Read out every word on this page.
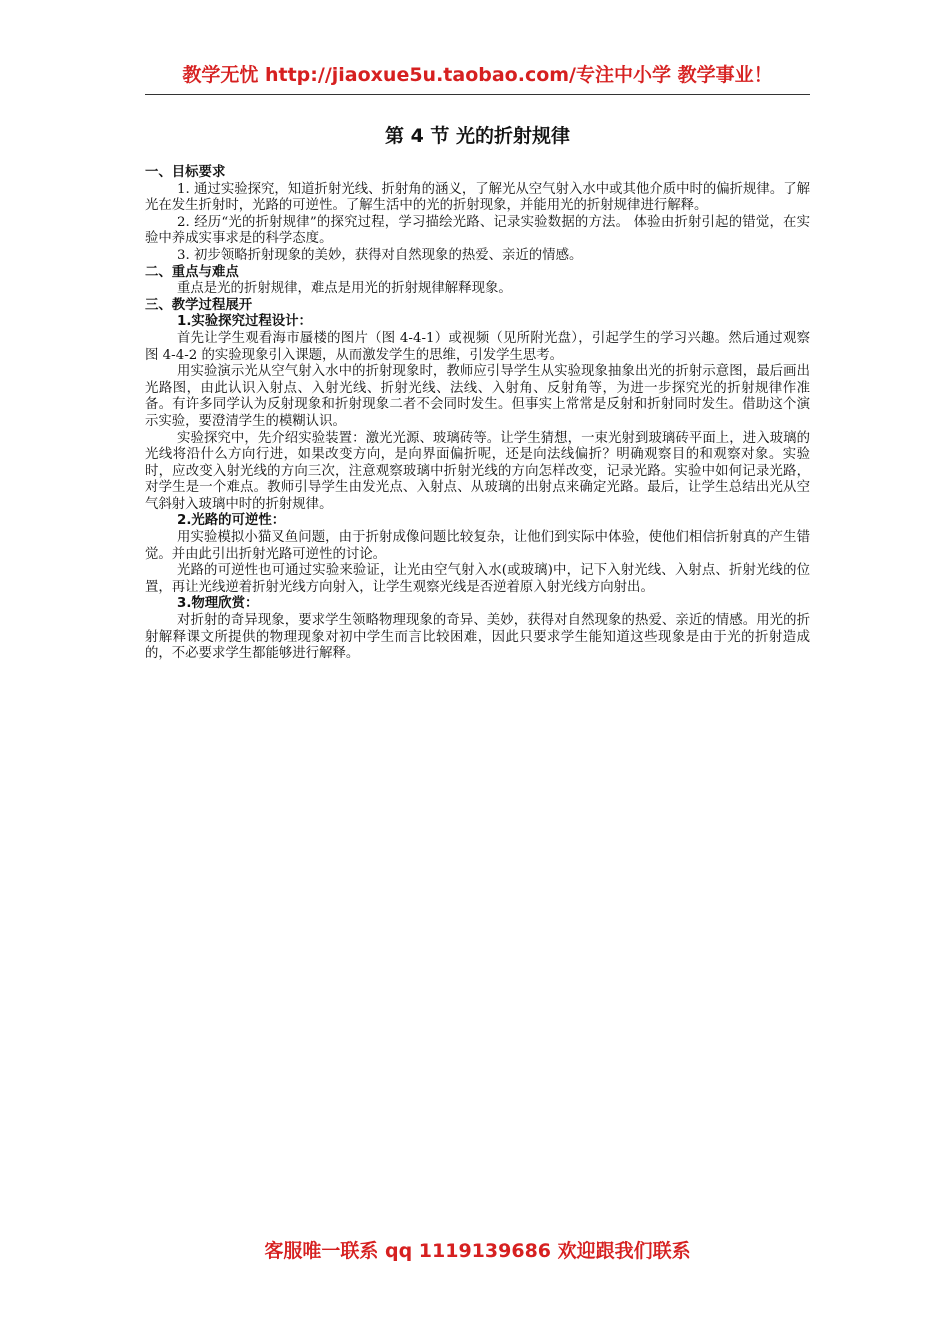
教学无忧 http://jiaoxue5u.taobao.com/专注中小学 教学事业！
第 4 节 光的折射规律
一、目标要求

1. 通过实验探究，知道折射光线、折射角的涵义，了解光从空气射入水中或其他介质中时的偏折规律。了解光在发生折射时，光路的可逆性。了解生活中的光的折射现象，并能用光的折射规律进行解释。

2. 经历“光的折射规律”的探究过程，学习描绘光路、记录实验数据的方法。 体验由折射引起的错觉，在实验中养成实事求是的科学态度。

3. 初步领略折射现象的美妙，获得对自然现象的热爱、亲近的情感。

二、重点与难点

重点是光的折射规律，难点是用光的折射规律解释现象。

三、教学过程展开
1.实验探究过程设计：

首先让学生观看海市蜃楼的图片（图 4-4-1）或视频（见所附光盘），引起学生的学习兴趣。然后通过观察图 4-4-2 的实验现象引入课题，从而激发学生的思维，引发学生思考。

用实验演示光从空气射入水中的折射现象时，教师应引导学生从实验现象抽象出光的折射示意图，最后画出光路图，由此认识入射点、入射光线、折射光线、法线、入射角、反射角等，为进一步探究光的折射规律作准备。有许多同学认为反射现象和折射现象二者不会同时发生。但事实上常常是反射和折射同时发生。借助这个演示实验，要澄清学生的模糊认识。

实验探究中，先介绍实验装置：激光光源、玻璃砖等。让学生猜想，一束光射到玻璃砖平面上，进入玻璃的光线将沿什么方向行进，如果改变方向，是向界面偏折呢，还是向法线偏折？明确观察目的和观察对象。实验时，应改变入射光线的方向三次，注意观察玻璃中折射光线的方向怎样改变，记录光路。实验中如何记录光路，对学生是一个难点。教师引导学生由发光点、入射点、从玻璃的出射点来确定光路。最后，让学生总结出光从空气斜射入玻璃中时的折射规律。

2.光路的可逆性：

用实验模拟小猫叉鱼问题，由于折射成像问题比较复杂，让他们到实际中体验，使他们相信折射真的产生错觉。并由此引出折射光路可逆性的讨论。

光路的可逆性也可通过实验来验证，让光由空气射入水(或玻璃)中，记下入射光线、入射点、折射光线的位置，再让光线逆着折射光线方向射入，让学生观察光线是否逆着原入射光线方向射出。

3.物理欣赏：

对折射的奇异现象，要求学生领略物理现象的奇异、美妙，获得对自然现象的热爱、亲近的情感。用光的折射解释课文所提供的物理现象对初中学生而言比较困难，因此只要求学生能知道这些现象是由于光的折射造成的，不必要求学生都能够进行解释。

客服唯一联系 qq 1119139686 欢迎跟我们联系
